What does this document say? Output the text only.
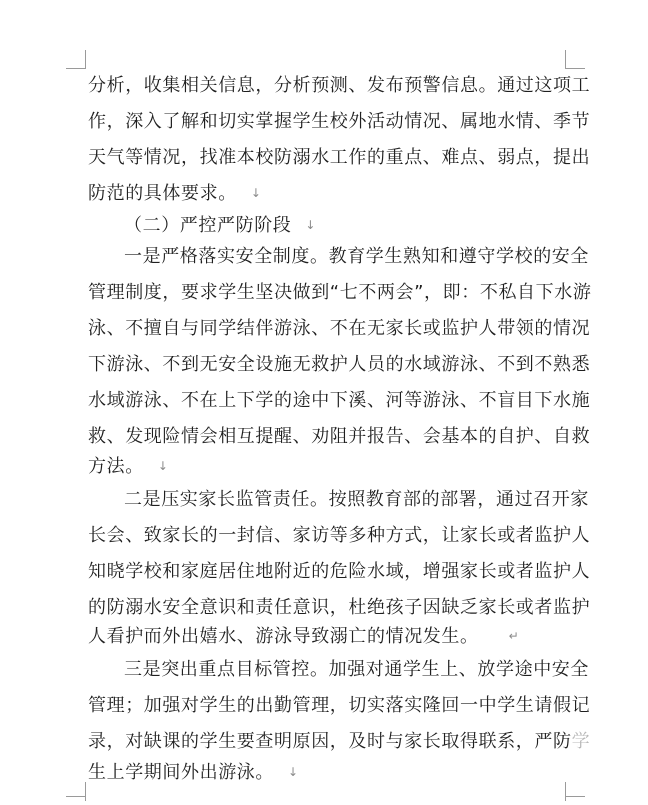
分析，收集相关信息，分析预测、发布预警信息。通过这项工
作，深入了解和切实掌握学生校外活动情况、属地水情、季节
天气等情况，找准本校防溺水工作的重点、难点、弱点，提出
防范的具体要求。 ↓
（二）严控严防阶段 ↓
一是严格落实安全制度。教育学生熟知和遵守学校的安全
管理制度，要求学生坚决做到“七不两会”，即：不私自下水游
泳、不擅自与同学结伴游泳、不在无家长或监护人带领的情况
下游泳、不到无安全设施无救护人员的水域游泳、不到不熟悉
水域游泳、不在上下学的途中下溪、河等游泳、不盲目下水施
救、发现险情会相互提醒、劝阻并报告、会基本的自护、自救
方法。 ↓
二是压实家长监管责任。按照教育部的部署，通过召开家
长会、致家长的一封信、家访等多种方式，让家长或者监护人
知晓学校和家庭居住地附近的危险水域，增强家长或者监护人
的防溺水安全意识和责任意识，杜绝孩子因缺乏家长或者监护
人看护而外出嬉水、游泳导致溺亡的情况发生。	↵
三是突出重点目标管控。加强对通学生上、放学途中安全
管理；加强对学生的出勤管理，切实落实隆回一中学生请假记
录，对缺课的学生要查明原因，及时与家长取得联系，严防学
生上学期间外出游泳。 ↓
